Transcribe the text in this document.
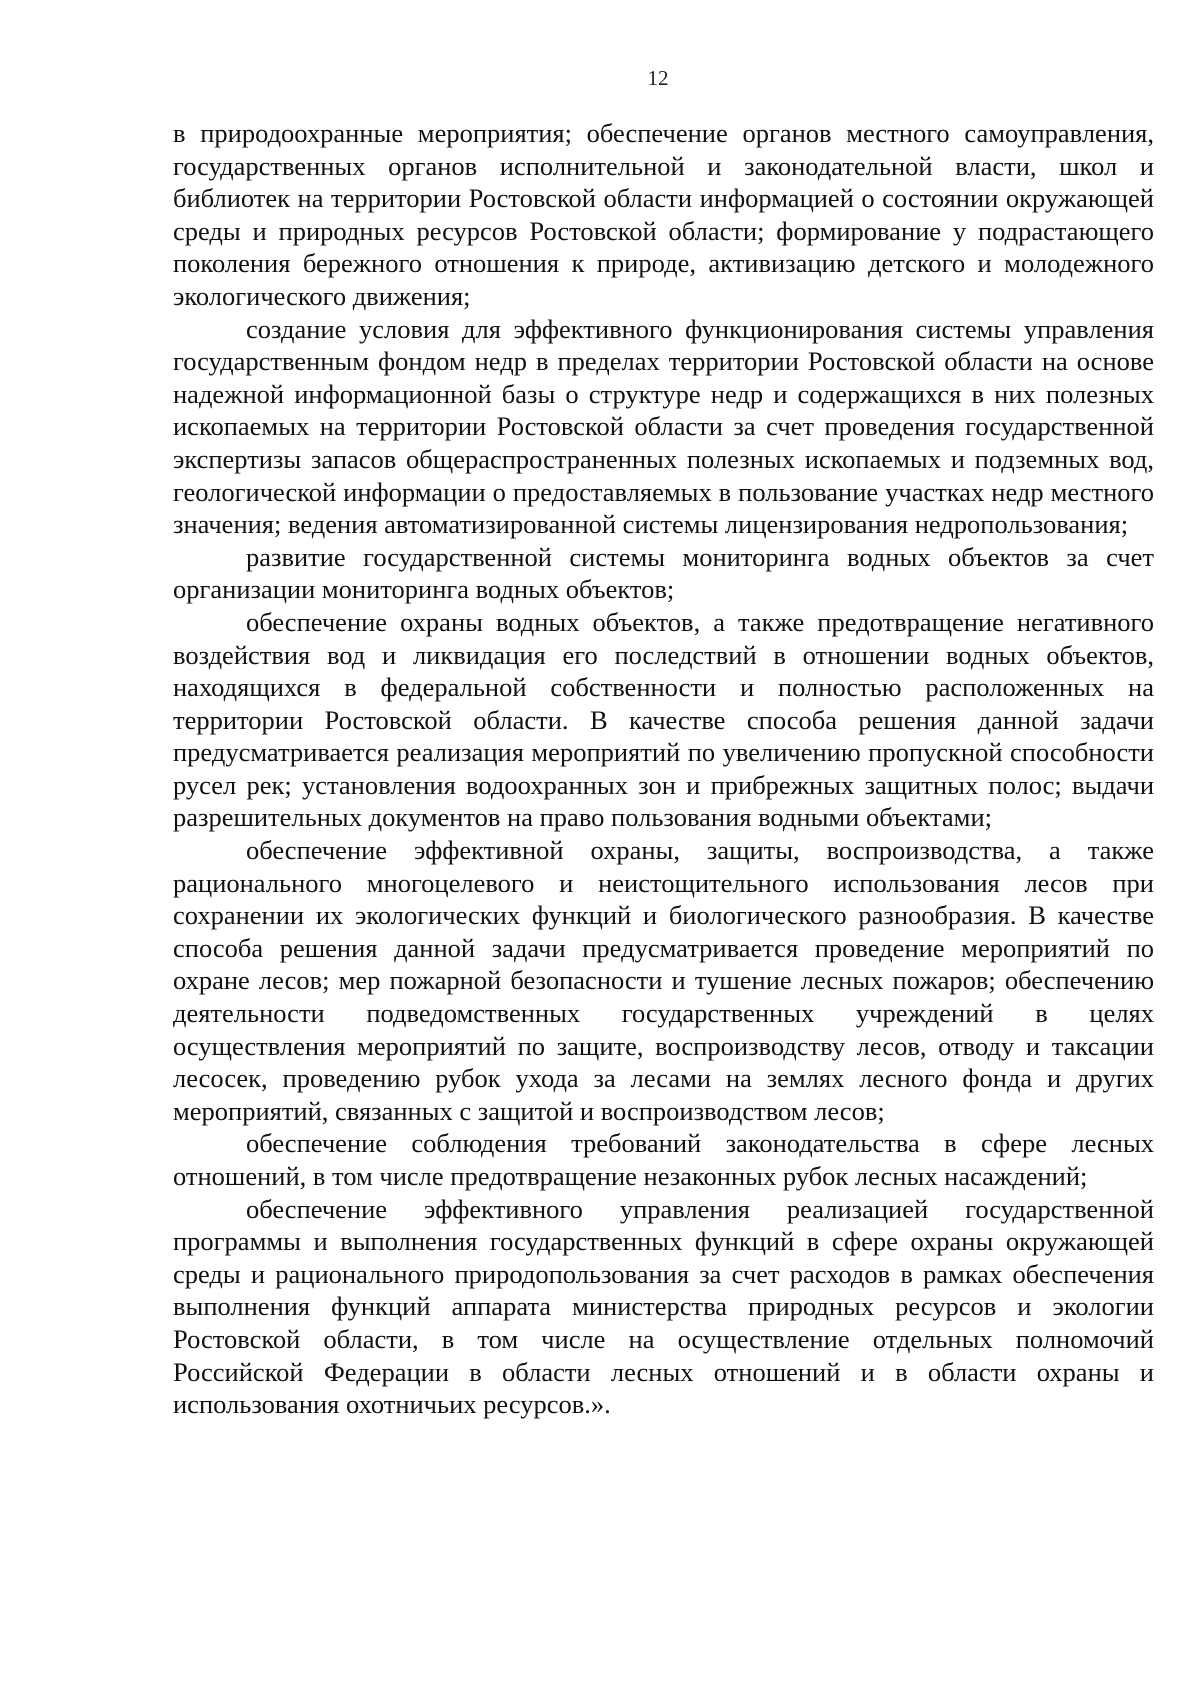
12

в природоохранные мероприятия; обеспечение органов местного самоуправления, государственных органов исполнительной и законодательной власти, школ и библиотек на территории Ростовской области информацией о состоянии окружающей среды и природных ресурсов Ростовской области; формирование у подрастающего поколения бережного отношения к природе, активизацию детского и молодежного экологического движения;

создание условия для эффективного функционирования системы управления государственным фондом недр в пределах территории Ростовской области на основе надежной информационной базы о структуре недр и содержащихся в них полезных ископаемых на территории Ростовской области за счет проведения государственной экспертизы запасов общераспространенных полезных ископаемых и подземных вод, геологической информации о предоставляемых в пользование участках недр местного значения; ведения автоматизированной системы лицензирования недропользования;

развитие государственной системы мониторинга водных объектов за счет организации мониторинга водных объектов;

обеспечение охраны водных объектов, а также предотвращение негативного воздействия вод и ликвидация его последствий в отношении водных объектов, находящихся в федеральной собственности и полностью расположенных на территории Ростовской области. В качестве способа решения данной задачи предусматривается реализация мероприятий по увеличению пропускной способности русел рек; установления водоохранных зон и прибрежных защитных полос; выдачи разрешительных документов на право пользования водными объектами;

обеспечение эффективной охраны, защиты, воспроизводства, а также рационального многоцелевого и неистощительного использования лесов при сохранении их экологических функций и биологического разнообразия. В качестве способа решения данной задачи предусматривается проведение мероприятий по охране лесов; мер пожарной безопасности и тушение лесных пожаров; обеспечению деятельности подведомственных государственных учреждений в целях осуществления мероприятий по защите, воспроизводству лесов, отводу и таксации лесосек, проведению рубок ухода за лесами на землях лесного фонда и других мероприятий, связанных с защитой и воспроизводством лесов;

обеспечение соблюдения требований законодательства в сфере лесных отношений, в том числе предотвращение незаконных рубок лесных насаждений;

обеспечение эффективного управления реализацией государственной программы и выполнения государственных функций в сфере охраны окружающей среды и рационального природопользования за счет расходов в рамках обеспечения выполнения функций аппарата министерства природных ресурсов и экологии Ростовской области, в том числе на осуществление отдельных полномочий Российской Федерации в области лесных отношений и в области охраны и использования охотничьих ресурсов.».
